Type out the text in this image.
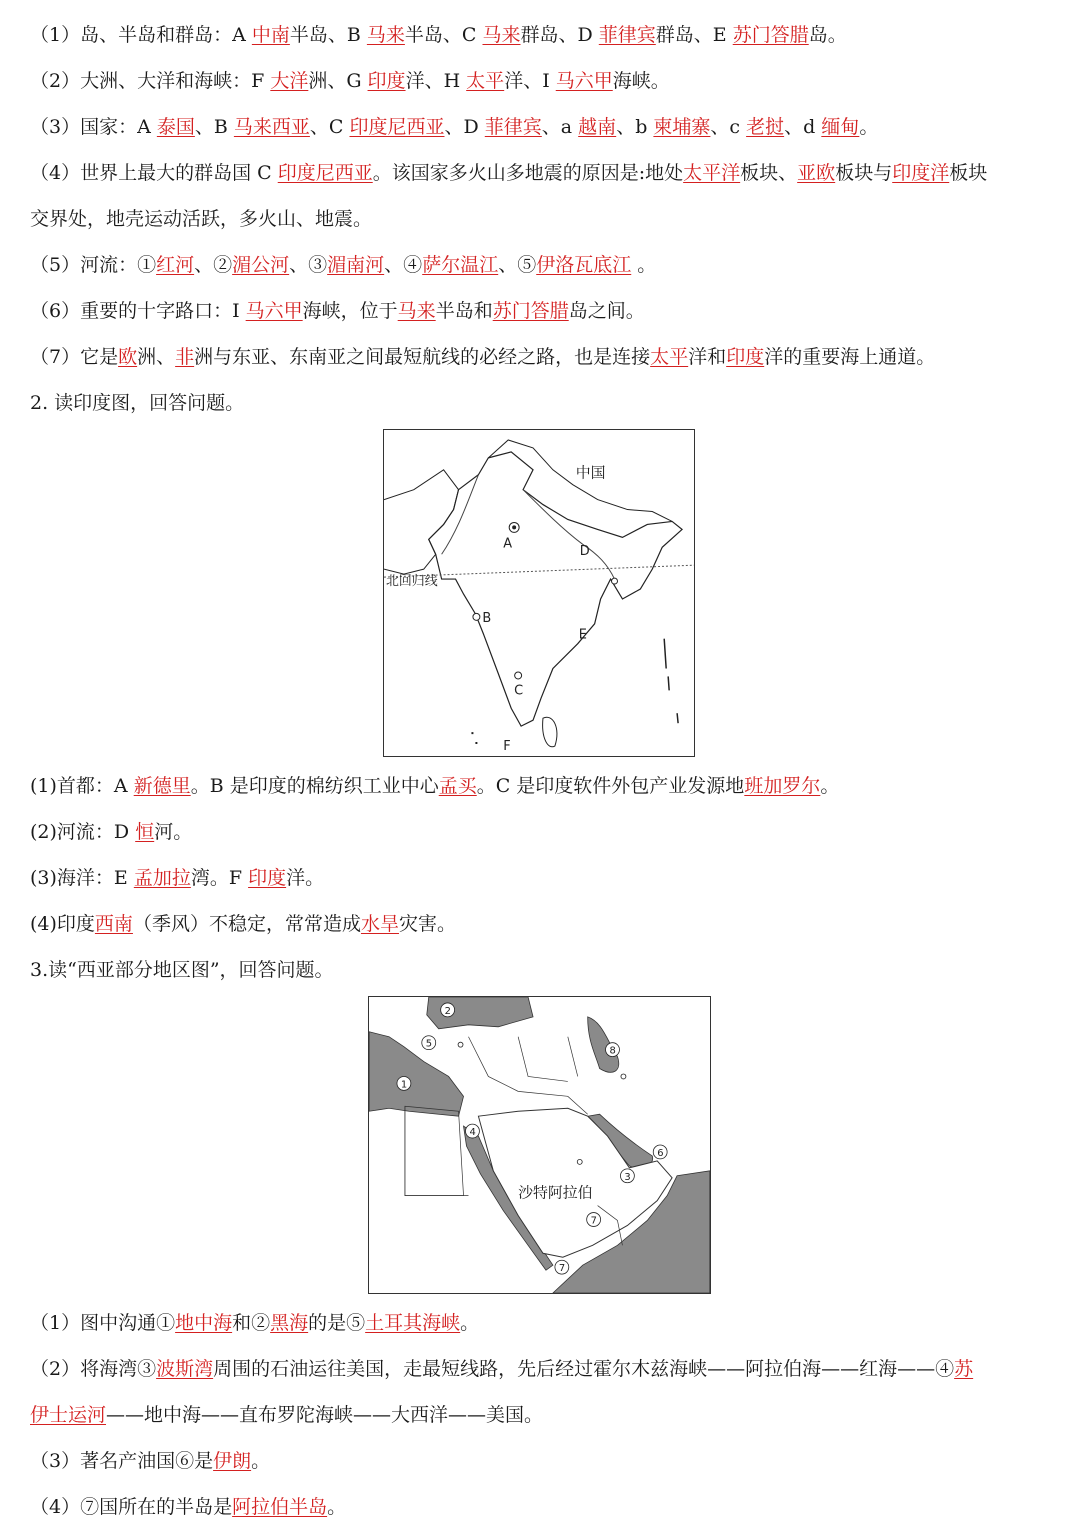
（1）岛、半岛和群岛：A 中南半岛、B 马来半岛、C 马来群岛、D 菲律宾群岛、E 苏门答腊岛。
（2）大洲、大洋和海峡：F 大洋洲、G 印度洋、H 太平洋、I 马六甲海峡。
（3）国家：A 泰国、B 马来西亚、C 印度尼西亚、D 菲律宾、a 越南、b 柬埔寨、c 老挝、d 缅甸。
（4）世界上最大的群岛国 C 印度尼西亚。该国家多火山多地震的原因是:地处太平洋板块、亚欧板块与印度洋板块
交界处，地壳运动活跃，多火山、地震。
（5）河流：①红河、②湄公河、③湄南河、④萨尔温江、⑤伊洛瓦底江 。
（6）重要的十字路口：I 马六甲海峡，位于马来半岛和苏门答腊岛之间。
（7）它是欧洲、非洲与东亚、东南亚之间最短航线的必经之路，也是连接太平洋和印度洋的重要海上通道。
2. 读印度图，回答问题。
北回归线
中国
A
D
B
E
C
F
(1)首都：A 新德里。B 是印度的棉纺织工业中心孟买。C 是印度软件外包产业发源地班加罗尔。
(2)河流：D 恒河。
(3)海洋：E 孟加拉湾。F 印度洋。
(4)印度西南（季风）不稳定，常常造成水旱灾害。
3.读“西亚部分地区图”，回答问题。
2
5
1
4
8
3
6
7
7
沙特阿拉伯
（1）图中沟通①地中海和②黑海的是⑤土耳其海峡。
（2）将海湾③波斯湾周围的石油运往美国，走最短线路，先后经过霍尔木兹海峡——阿拉伯海——红海——④苏
伊士运河——地中海——直布罗陀海峡——大西洋——美国。
（3）著名产油国⑥是伊朗。
（4）⑦国所在的半岛是阿拉伯半岛。
